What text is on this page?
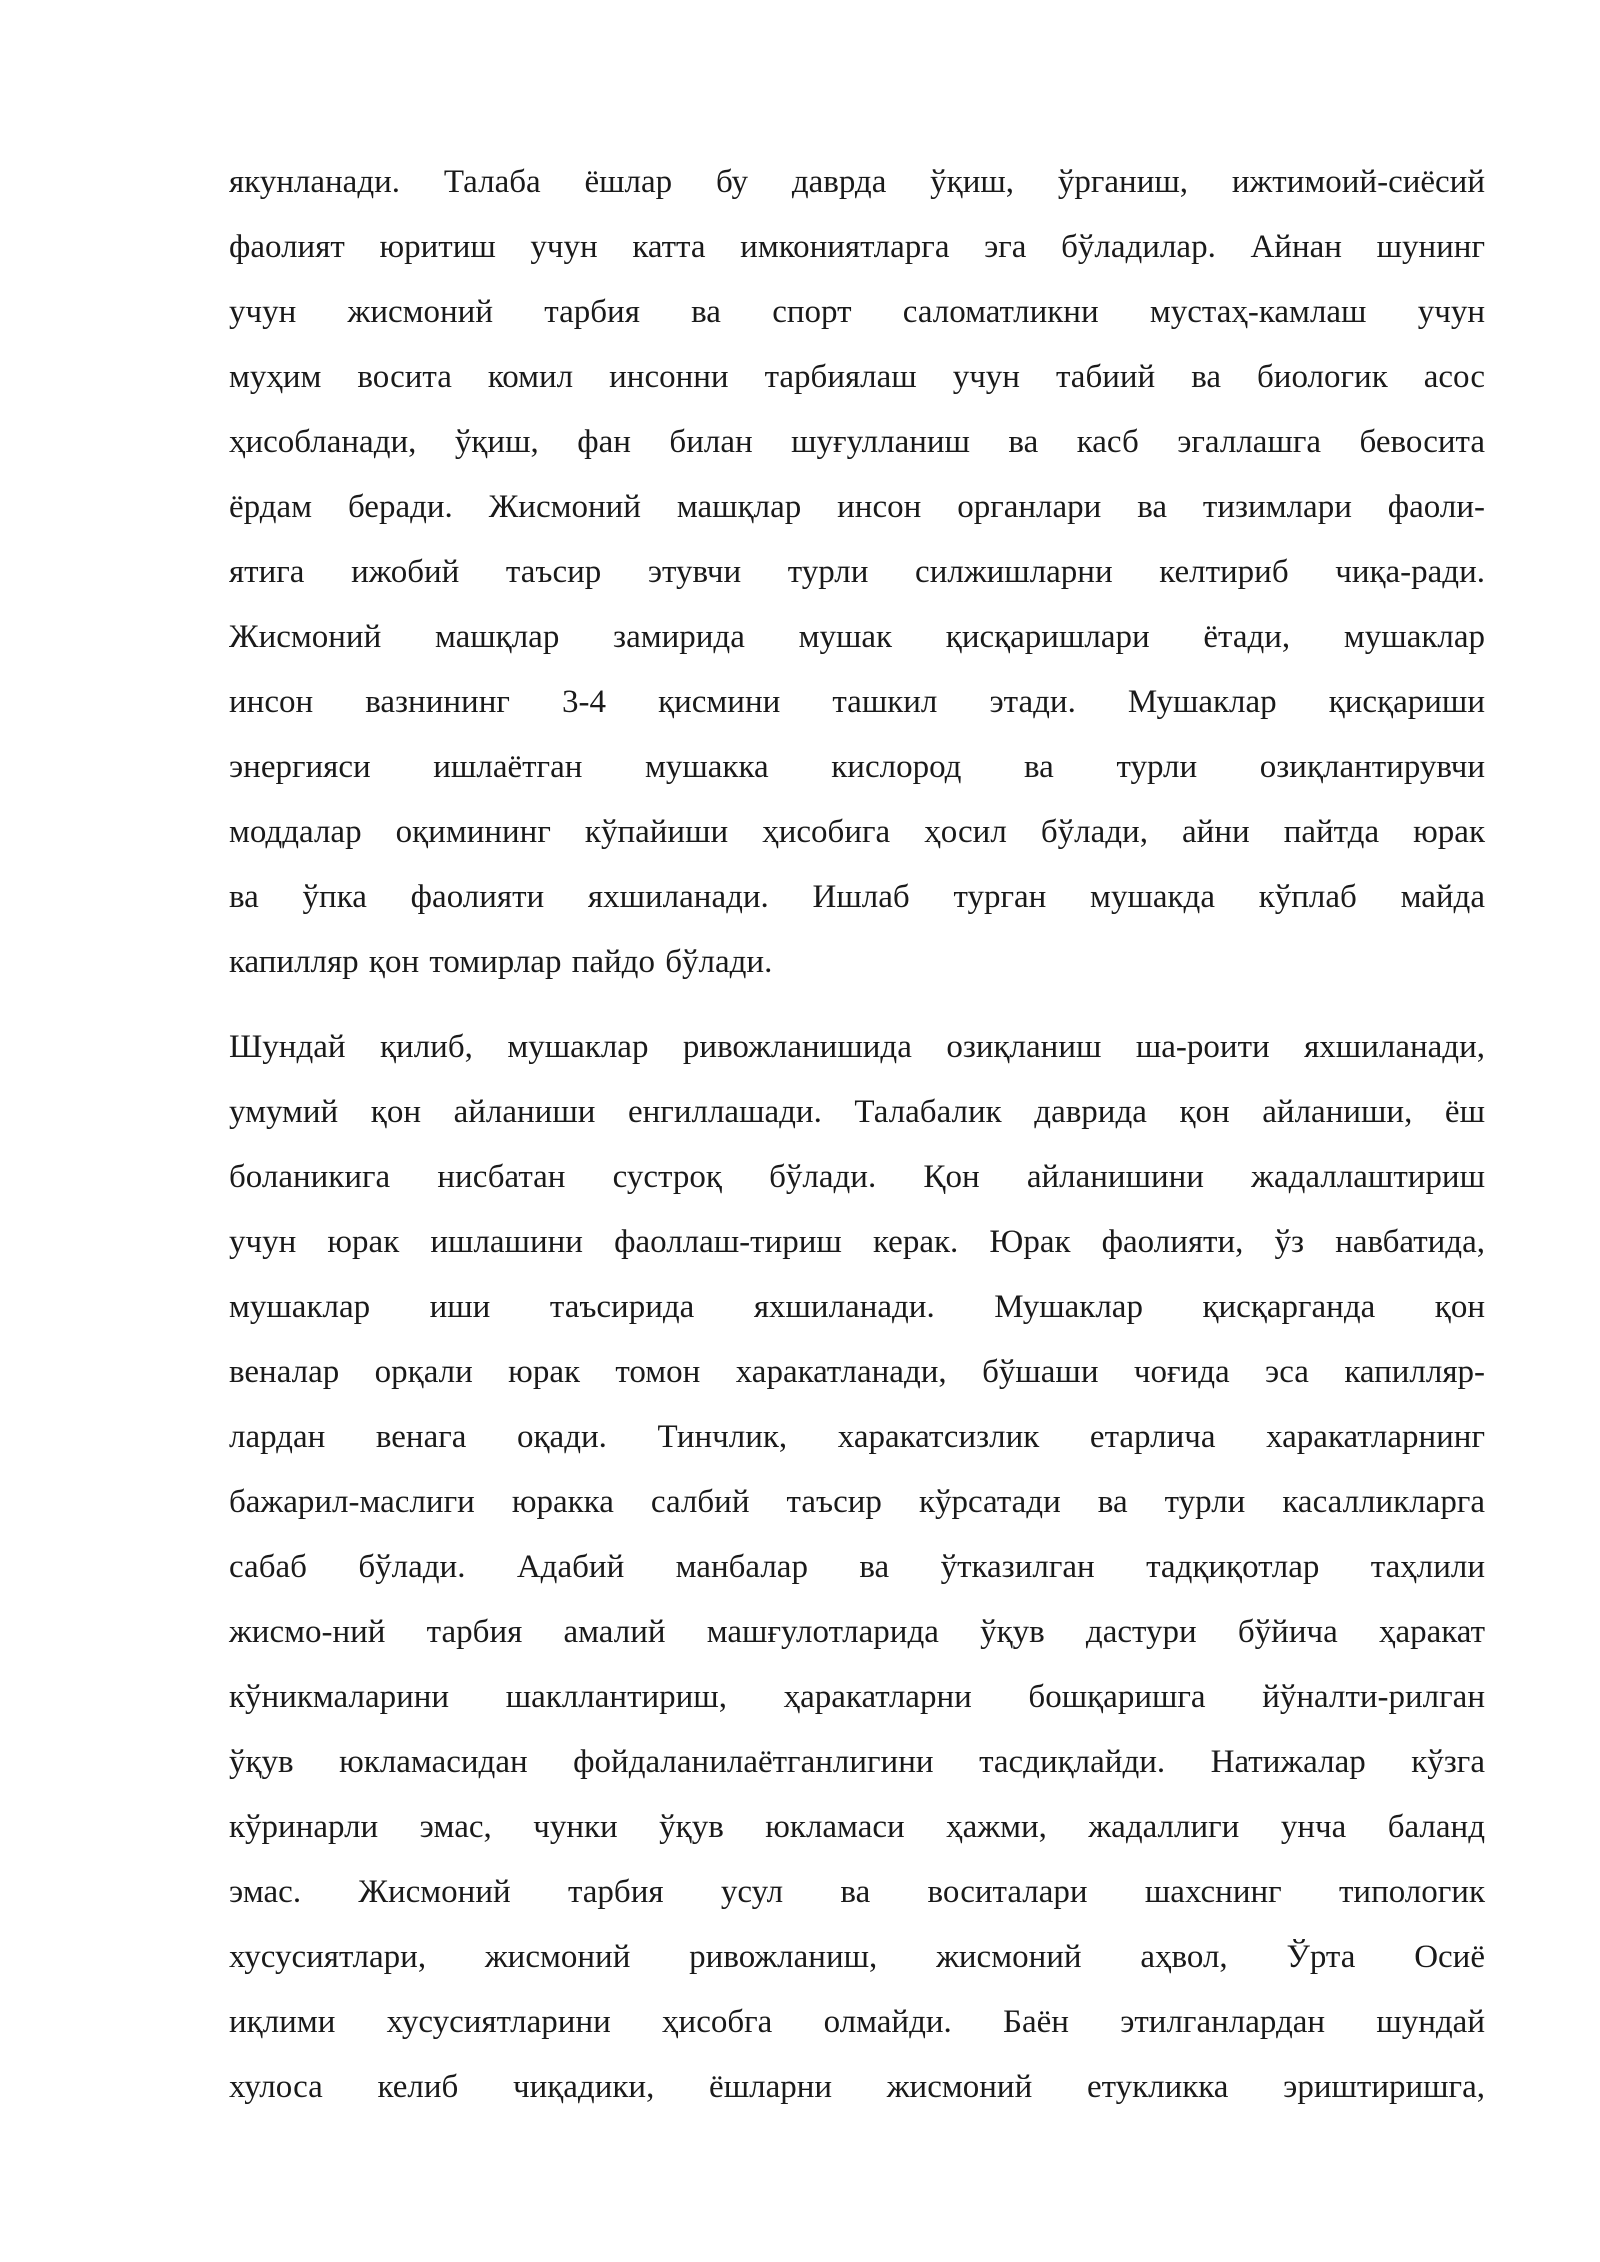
якунланади. Талаба ёшлар бу даврда ўқиш, ўрганиш, ижтимоий-сиёсий
фаолият юритиш учун катта имкониятларга эга бўладилар. Айнан шунинг
учун жисмоний тарбия ва спорт саломатликни мустаҳ-камлаш учун
муҳим восита комил инсонни тарбиялаш учун табиий ва биологик асос
ҳисобланади, ўқиш, фан билан шуғулланиш ва касб эгаллашга бевосита
ёрдам беради. Жисмоний машқлар инсон органлари ва тизимлари фаоли-
ятига ижобий таъсир этувчи турли силжишларни келтириб чиқа-ради.
Жисмоний машқлар замирида мушак қисқаришлари ётади, мушаклар
инсон вазнининг 3-4 қисмини ташкил этади. Мушаклар қисқариши
энергияси ишлаётган мушакка кислород ва турли озиқлантирувчи
моддалар оқимининг кўпайиши ҳисобига ҳосил бўлади, айни пайтда юрак
ва ўпка фаолияти яхшиланади. Ишлаб турган мушакда кўплаб майда
капилляр қон томирлар пайдо бўлади.
Шундай қилиб, мушаклар ривожланишида озиқланиш ша-роити яхшиланади,
умумий қон айланиши енгиллашади. Талабалик даврида қон айланиши, ёш
боланикига нисбатан сустроқ бўлади. Қон айланишини жадаллаштириш
учун юрак ишлашини фаоллаш-тириш керак. Юрак фаолияти, ўз навбатида,
мушаклар иши таъсирида яхшиланади. Мушаклар қисқарганда қон
веналар орқали юрак томон харакатланади, бўшаши чоғида эса капилляр-
лардан венага оқади. Тинчлик, харакатсизлик етарлича харакатларнинг
бажарил-маслиги юракка салбий таъсир кўрсатади ва турли касалликларга
сабаб бўлади. Адабий манбалар ва ўтказилган тадқиқотлар таҳлили
жисмо-ний тарбия амалий машғулотларида ўқув дастури бўйича ҳаракат
кўникмаларини шакллантириш, ҳаракатларни бошқаришга йўналти-рилган
ўқув юкламасидан фойдаланилаётганлигини тасдиқлайди. Натижалар кўзга
кўринарли эмас, чунки ўқув юкламаси ҳажми, жадаллиги унча баланд
эмас. Жисмоний тарбия усул ва воситалари шахснинг типологик
хусусиятлари, жисмоний ривожланиш, жисмоний аҳвол, Ўрта Осиё
иқлими хусусиятларини ҳисобга олмайди. Баён этилганлардан шундай
хулоса келиб чиқадики, ёшларни жисмоний етукликка эриштиришга,
